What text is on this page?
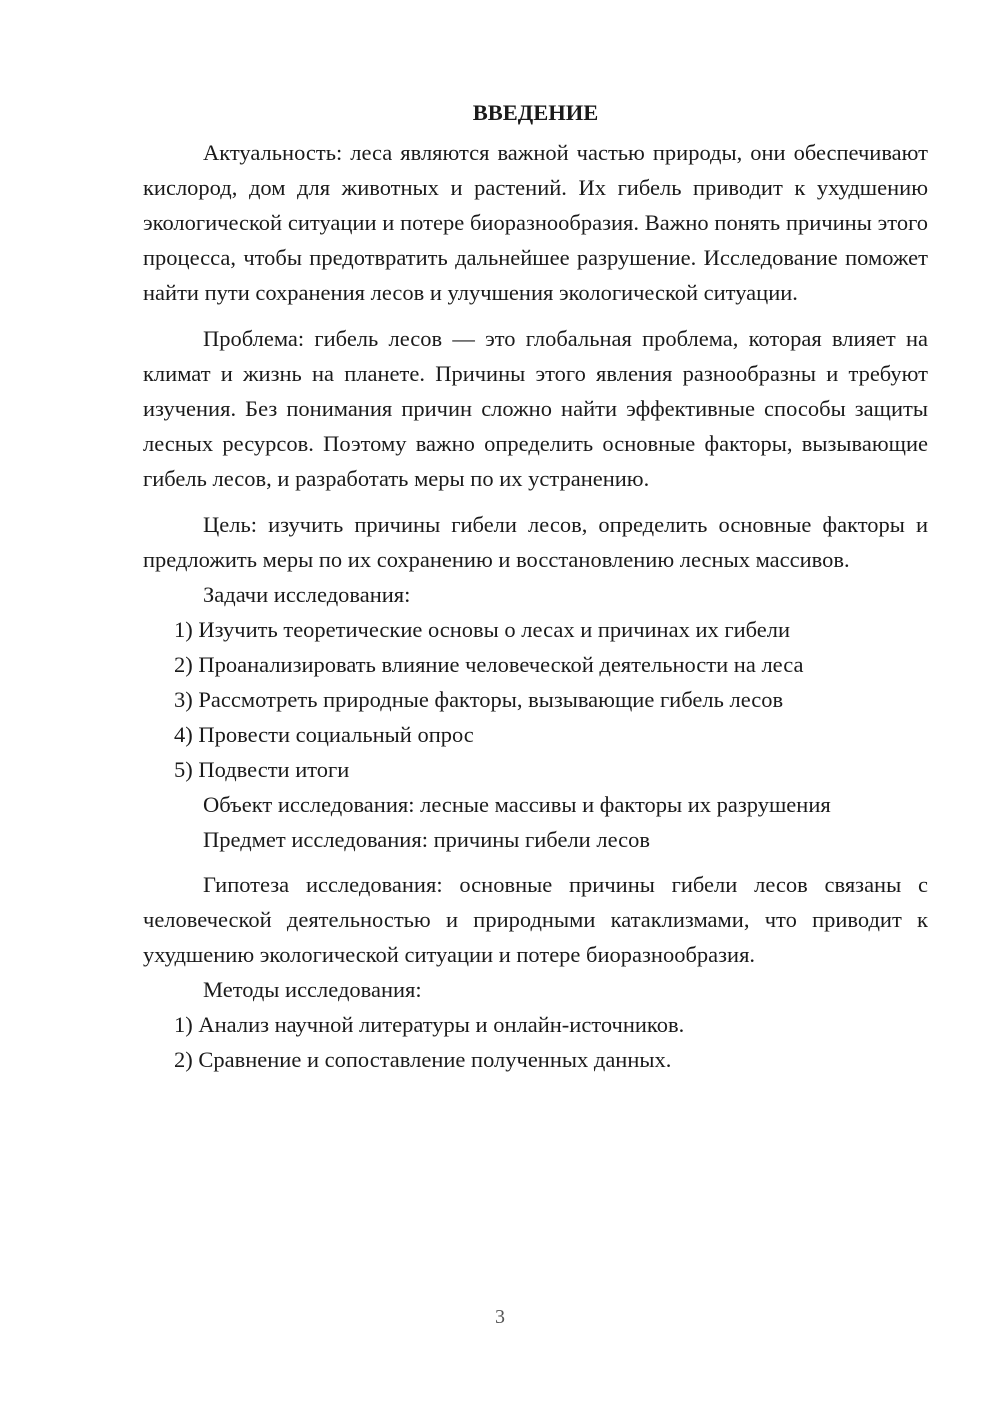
ВВЕДЕНИЕ

Актуальность: леса являются важной частью природы, они обеспечивают кислород, дом для животных и растений. Их гибель приводит к ухудшению экологической ситуации и потере биоразнообразия. Важно понять причины этого процесса, чтобы предотвратить дальнейшее разрушение. Исследование поможет найти пути сохранения лесов и улучшения экологической ситуации.

Проблема: гибель лесов — это глобальная проблема, которая влияет на климат и жизнь на планете. Причины этого явления разнообразны и требуют изучения. Без понимания причин сложно найти эффективные способы защиты лесных ресурсов. Поэтому важно определить основные факторы, вызывающие гибель лесов, и разработать меры по их устранению.

Цель: изучить причины гибели лесов, определить основные факторы и предложить меры по их сохранению и восстановлению лесных массивов.

Задачи исследования:

1) Изучить теоретические основы о лесах и причинах их гибели

2) Проанализировать влияние человеческой деятельности на леса

3) Рассмотреть природные факторы, вызывающие гибель лесов

4) Провести социальный опрос

5) Подвести итоги

Объект исследования: лесные массивы и факторы их разрушения

Предмет исследования: причины гибели лесов

Гипотеза исследования: основные причины гибели лесов связаны с человеческой деятельностью и природными катаклизмами, что приводит к ухудшению экологической ситуации и потере биоразнообразия.

Методы исследования:

1) Анализ научной литературы и онлайн-источников.

2) Сравнение и сопоставление полученных данных.

3
